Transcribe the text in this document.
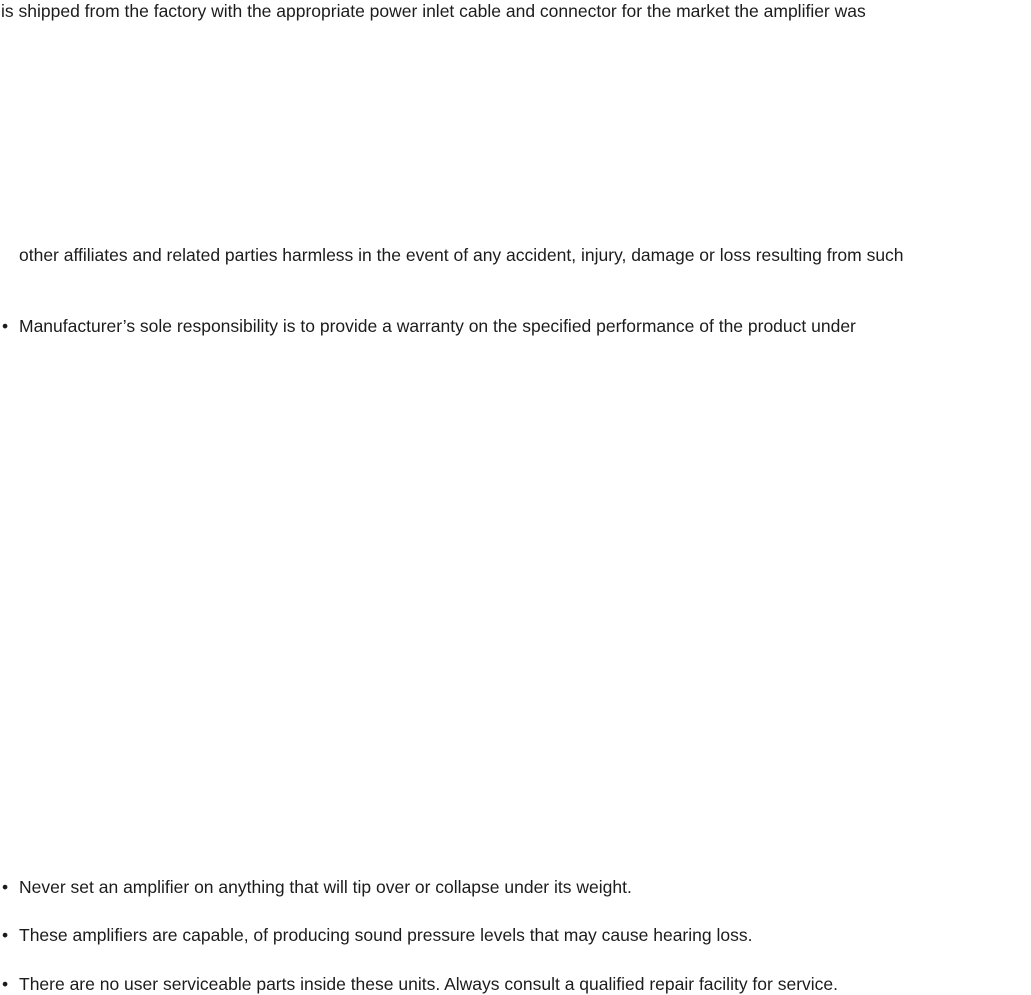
is shipped from the factory with the appropriate power inlet cable and connector for the market the amplifier was

other affiliates and related parties harmless in the event of any accident, injury, damage or loss resulting from such

• Manufacturer’s sole responsibility is to provide a warranty on the specified performance of the product under

• Never set an amplifier on anything that will tip over or collapse under its weight.

• These amplifiers are capable, of producing sound pressure levels that may cause hearing loss.

• There are no user serviceable parts inside these units. Always consult a qualified repair facility for service.
